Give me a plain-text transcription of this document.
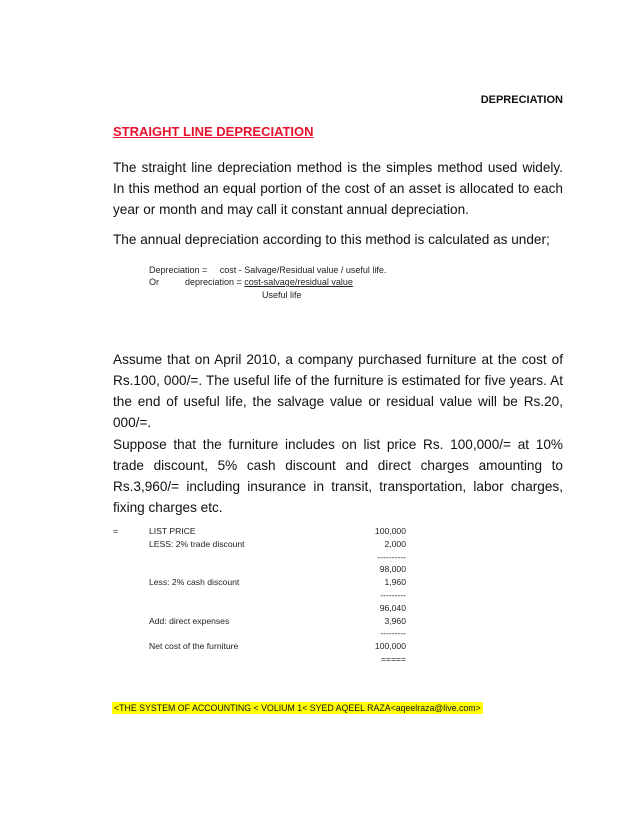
DEPRECIATION
STRAIGHT LINE DEPRECIATION
The straight line depreciation method is the simples method used widely. In this method an equal portion of the cost of an asset is allocated to each year or month and may call it constant annual depreciation.
The annual depreciation according to this method is calculated as under;
Depreciation =     cost - Salvage/Residual value / useful life.
Or	depreciation = cost-salvage/residual value
Useful life
Assume that on April 2010, a company purchased furniture at the cost of Rs.100, 000/=. The useful life of the furniture is estimated for five years. At the end of useful life, the salvage value or residual value will be Rs.20, 000/=.
Suppose that the furniture includes on list price Rs. 100,000/= at 10% trade discount, 5% cash discount and direct charges amounting to Rs.3,960/= including insurance in transit, transportation, labor charges, fixing charges etc.
=	LIST PRICE	100,000
LESS: 2% trade discount	2,000
----------
98,000
Less: 2% cash discount	1,960
---------
96,040
Add: direct expenses	3,960
---------
Net cost of the furniture	100,000
=====
<THE SYSTEM OF ACCOUNTING < VOLIUM 1< SYED AQEEL RAZA<aqeelraza@live.com>
